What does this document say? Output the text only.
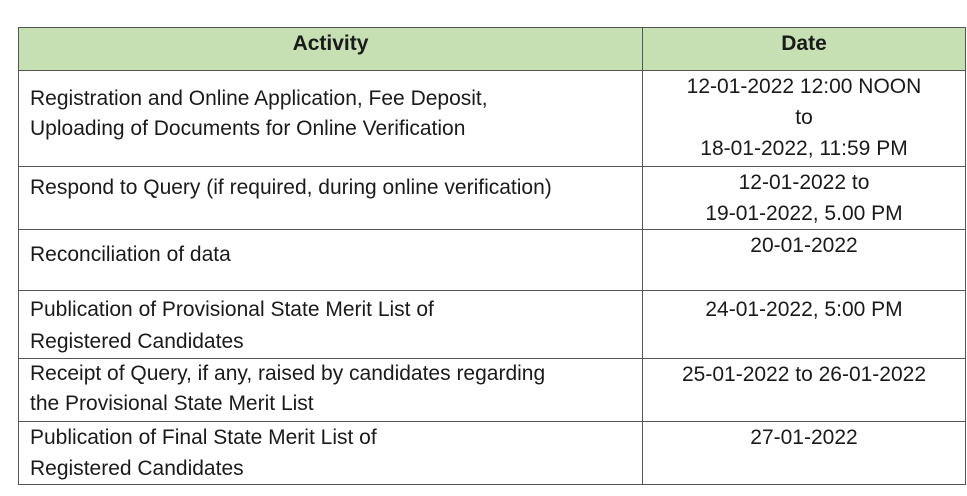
Activity	Date

Registration and Online Application, Fee Deposit,
Uploading of Documents for Online Verification	12-01-2022 12:00 NOON
to
18-01-2022, 11:59 PM

Respond to Query (if required, during online verification)	12-01-2022 to
19-01-2022, 5.00 PM

Reconciliation of data	20-01-2022

Publication of Provisional State Merit List of
Registered Candidates	24-01-2022, 5:00 PM

Receipt of Query, if any, raised by candidates regarding
the Provisional State Merit List	25-01-2022 to 26-01-2022

Publication of Final State Merit List of
Registered Candidates	27-01-2022
